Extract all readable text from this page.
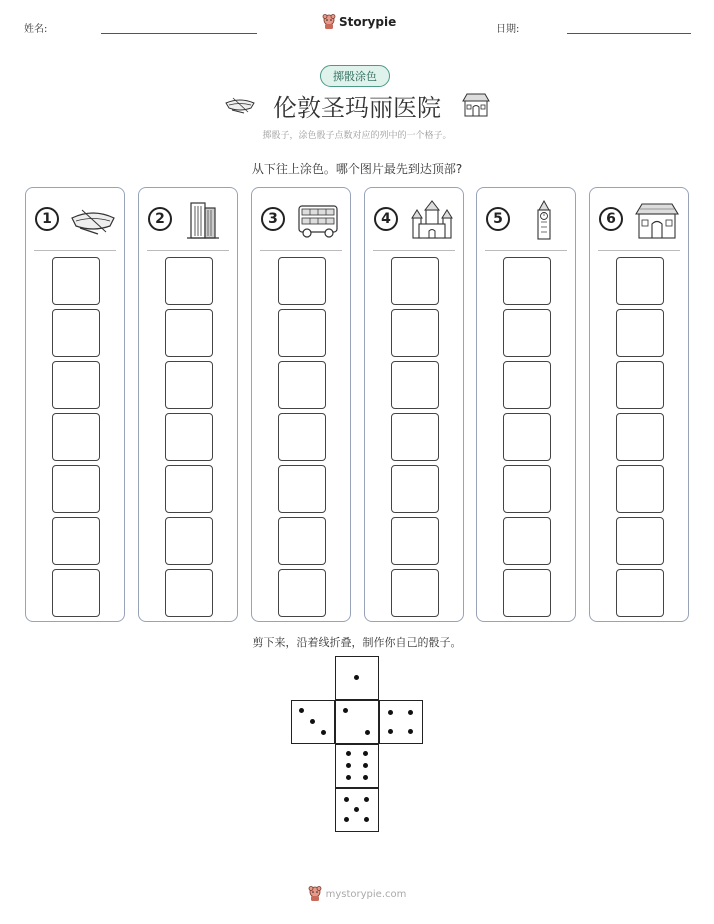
姓名:
Storypie
日期:
掷骰涂色
伦敦圣玛丽医院
掷骰子，涂色骰子点数对应的列中的一个格子。
从下往上涂色。哪个图片最先到达顶部?
1	2	3	4	5	6
剪下来，沿着线折叠，制作你自己的骰子。
mystorypie.com
